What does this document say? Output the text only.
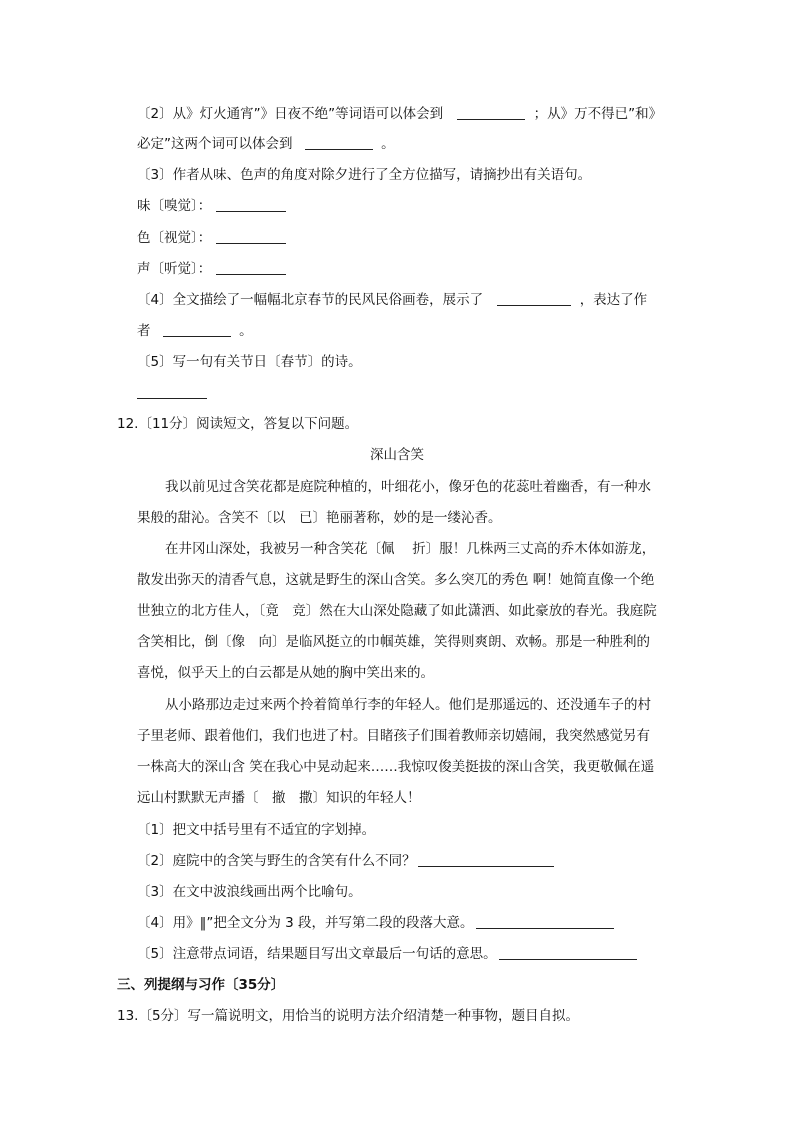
〔2〕从》灯火通宵”》日夜不绝”等词语可以体会到	；从》万不得已”和》
必定”这两个词可以体会到	。
〔3〕作者从味、色声的角度对除夕进行了全方位描写，请摘抄出有关语句。
味〔嗅觉〕：
色〔视觉〕：
声〔听觉〕：
〔4〕全文描绘了一幅幅北京春节的民风民俗画卷，展示了	，表达了作
者	。
〔5〕写一句有关节日〔春节〕的诗。
12.〔11分〕阅读短文，答复以下问题。
深山含笑
我以前见过含笑花都是庭院种植的，叶细花小，像牙色的花蕊吐着幽香，有一种水
果般的甜沁。含笑不〔以　已〕艳丽著称，妙的是一缕沁香。
在井冈山深处，我被另一种含笑花〔佩　 折〕服！几株两三丈高的乔木体如游龙，
散发出弥天的清香气息，这就是野生的深山含笑。多么突兀的秀色 啊！她简直像一个绝
世独立的北方佳人，〔竟　竞〕然在大山深处隐藏了如此潇洒、如此豪放的春光。我庭院
含笑相比，倒〔像　向〕是临风挺立的巾帼英雄，笑得则爽朗、欢畅。那是一种胜利的
喜悦，似乎天上的白云都是从她的胸中笑出来的。
从小路那边走过来两个拎着简单行李的年轻人。他们是那遥远的、还没通车子的村
子里老师、跟着他们，我们也进了村。目睹孩子们围着教师亲切嬉闹，我突然感觉另有
一株高大的深山含 笑在我心中晃动起来……我惊叹俊美挺拔的深山含笑，我更敬佩在遥
远山村默默无声播〔　撤　撒〕知识的年轻人！
〔1〕把文中括号里有不适宜的字划掉。
〔2〕庭院中的含笑与野生的含笑有什么不同？
〔3〕在文中波浪线画出两个比喻句。
〔4〕用》‖”把全文分为 3 段，并写第二段的段落大意。
〔5〕注意带点词语，结果题目写出文章最后一句话的意思。
三、列提纲与习作〔35分〕
13.〔5分〕写一篇说明文，用恰当的说明方法介绍清楚一种事物，题目自拟。
